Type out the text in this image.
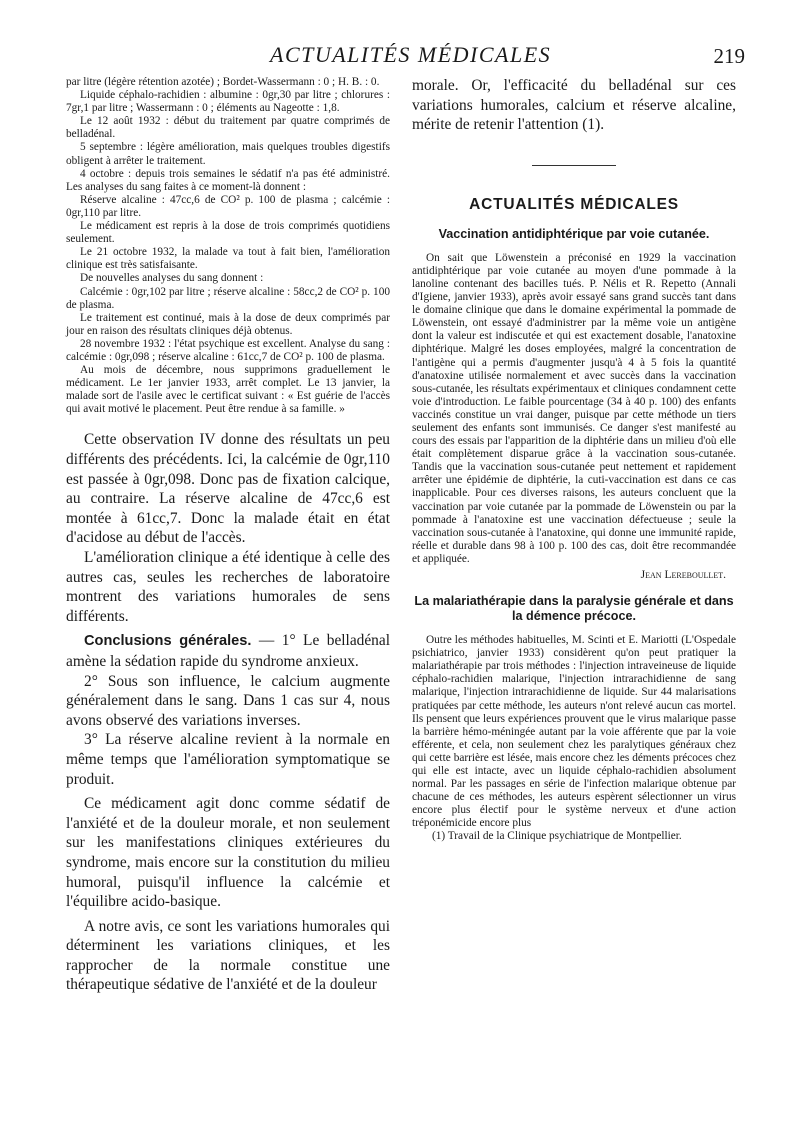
ACTUALITÉS MÉDICALES	219

par litre (légère rétention azotée) ; Bordet-Wassermann : 0 ; H. B. : 0.

Liquide céphalo-rachidien : albumine : 0gr,30 par litre ; chlorures : 7gr,1 par litre ; Wassermann : 0 ; éléments au Nageotte : 1,8.

Le 12 août 1932 : début du traitement par quatre comprimés de belladénal.

5 septembre : légère amélioration, mais quelques troubles digestifs obligent à arrêter le traitement.

4 octobre : depuis trois semaines le sédatif n'a pas été administré. Les analyses du sang faites à ce moment-là donnent :

Réserve alcaline : 47cc,6 de CO² p. 100 de plasma ; calcémie : 0gr,110 par litre.

Le médicament est repris à la dose de trois comprimés quotidiens seulement.

Le 21 octobre 1932, la malade va tout à fait bien, l'amélioration clinique est très satisfaisante.

De nouvelles analyses du sang donnent :

Calcémie : 0gr,102 par litre ; réserve alcaline : 58cc,2 de CO² p. 100 de plasma.

Le traitement est continué, mais à la dose de deux comprimés par jour en raison des résultats cliniques déjà obtenus.

28 novembre 1932 : l'état psychique est excellent. Analyse du sang : calcémie : 0gr,098 ; réserve alcaline : 61cc,7 de CO² p. 100 de plasma.

Au mois de décembre, nous supprimons graduellement le médicament. Le 1er janvier 1933, arrêt complet. Le 13 janvier, la malade sort de l'asile avec le certificat suivant : « Est guérie de l'accès qui avait motivé le placement. Peut être rendue à sa famille. »

Cette observation IV donne des résultats un peu différents des précédents. Ici, la calcémie de 0gr,110 est passée à 0gr,098. Donc pas de fixation calcique, au contraire. La réserve alcaline de 47cc,6 est montée à 61cc,7. Donc la malade était en état d'acidose au début de l'accès.

L'amélioration clinique a été identique à celle des autres cas, seules les recherches de laboratoire montrent des variations humorales de sens différents.

Conclusions générales. — 1° Le belladénal amène la sédation rapide du syndrome anxieux.

2° Sous son influence, le calcium augmente généralement dans le sang. Dans 1 cas sur 4, nous avons observé des variations inverses.

3° La réserve alcaline revient à la normale en même temps que l'amélioration symptomatique se produit.

Ce médicament agit donc comme sédatif de l'anxiété et de la douleur morale, et non seulement sur les manifestations cliniques extérieures du syndrome, mais encore sur la constitution du milieu humoral, puisqu'il influence la calcémie et l'équilibre acido-basique.

A notre avis, ce sont les variations humorales qui déterminent les variations cliniques, et les rapprocher de la normale constitue une thérapeutique sédative de l'anxiété et de la douleur

morale. Or, l'efficacité du belladénal sur ces variations humorales, calcium et réserve alcaline, mérite de retenir l'attention (1).

ACTUALITÉS MÉDICALES
Vaccination antidiphtérique par voie cutanée.

On sait que Löwenstein a préconisé en 1929 la vaccination antidiphtérique par voie cutanée au moyen d'une pommade à la lanoline contenant des bacilles tués. P. Nélis et R. Repetto (Annali d'Igiene, janvier 1933), après avoir essayé sans grand succès tant dans le domaine clinique que dans le domaine expérimental la pommade de Löwenstein, ont essayé d'administrer par la même voie un antigène dont la valeur est indiscutée et qui est exactement dosable, l'anatoxine diphtérique. Malgré les doses employées, malgré la concentration de l'antigène qui a permis d'augmenter jusqu'à 4 à 5 fois la quantité d'anatoxine utilisée normalement et avec succès dans la vaccination sous-cutanée, les résultats expérimentaux et cliniques condamnent cette voie d'introduction. Le faible pourcentage (34 à 40 p. 100) des enfants vaccinés constitue un vrai danger, puisque par cette méthode un tiers seulement des enfants sont immunisés. Ce danger s'est manifesté au cours des essais par l'apparition de la diphtérie dans un milieu d'où elle était complètement disparue grâce à la vaccination sous-cutanée. Tandis que la vaccination sous-cutanée peut nettement et rapidement arrêter une épidémie de diphtérie, la cuti-vaccination est dans ce cas inapplicable. Pour ces diverses raisons, les auteurs concluent que la vaccination par voie cutanée par la pommade de Löwenstein ou par la pommade à l'anatoxine est une vaccination défectueuse ; seule la vaccination sous-cutanée à l'anatoxine, qui donne une immunité rapide, réelle et durable dans 98 à 100 p. 100 des cas, doit être recommandée et appliquée.

Jean Lereboullet.
La malariathérapie dans la paralysie générale et dans la démence précoce.

Outre les méthodes habituelles, M. Scinti et E. Mariotti (L'Ospedale psichiatrico, janvier 1933) considèrent qu'on peut pratiquer la malariathérapie par trois méthodes : l'injection intraveineuse de liquide céphalo-rachidien malarique, l'injection intrarachidienne de sang malarique, l'injection intrarachidienne de liquide. Sur 44 malarisations pratiquées par cette méthode, les auteurs n'ont relevé aucun cas mortel. Ils pensent que leurs expériences prouvent que le virus malarique passe la barrière hémo-méningée autant par la voie afférente que par la voie efférente, et cela, non seulement chez les paralytiques généraux chez qui cette barrière est lésée, mais encore chez les déments précoces chez qui elle est intacte, avec un liquide céphalo-rachidien absolument normal. Par les passages en série de l'infection malarique obtenue par chacune de ces méthodes, les auteurs espèrent sélectionner un virus encore plus électif pour le système nerveux et d'une action tréponémicide encore plus

(1) Travail de la Clinique psychiatrique de Montpellier.
